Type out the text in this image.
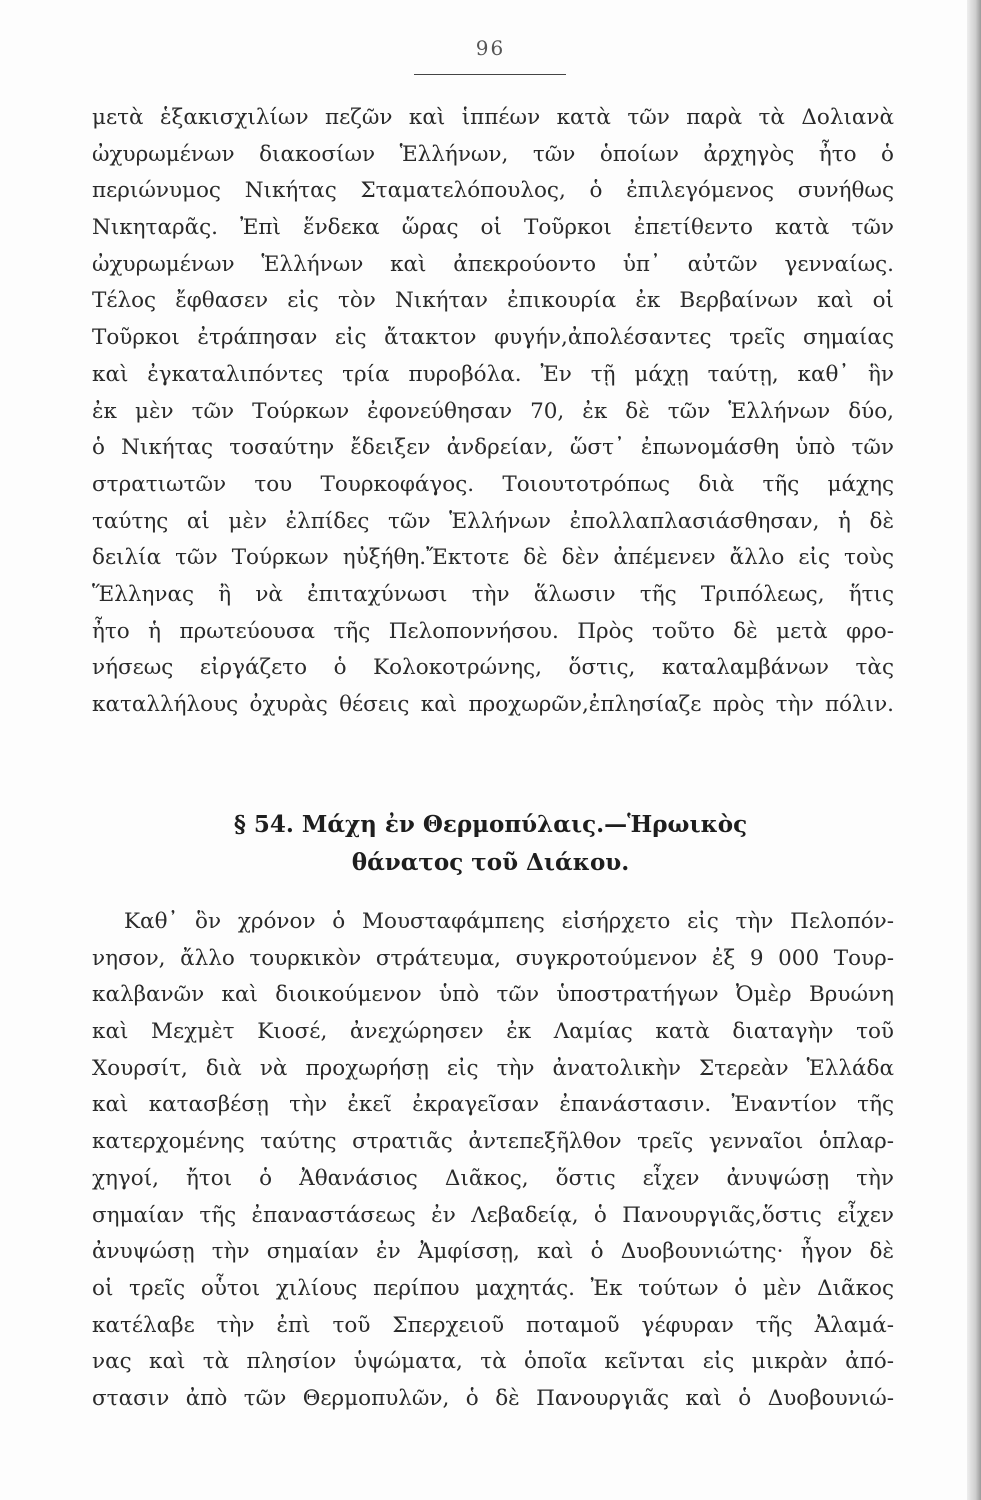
96
μετὰ ἑξακισχιλίων πεζῶν καὶ ἱππέων κατὰ τῶν παρὰ τὰ Δολιανὰ
ὠχυρωμένων διακοσίων Ἑλλήνων, τῶν ὁποίων ἀρχηγὸς ἦτο ὁ
περιώνυμος Νικήτας Σταματελόπουλος, ὁ ἐπιλεγόμενος συνήθως
Νικηταρᾶς. Ἐπὶ ἕνδεκα ὥρας οἱ Τοῦρκοι ἐπετίθεντο κατὰ τῶν
ὠχυρωμένων Ἑλλήνων καὶ ἀπεκρούοντο ὑπ᾽ αὐτῶν γενναίως.
Τέλος ἔφθασεν εἰς τὸν Νικήταν ἐπικουρία ἐκ Βερβαίνων καὶ οἱ
Τοῦρκοι ἐτράπησαν εἰς ἄτακτον φυγήν,ἀπολέσαντες τρεῖς σημαίας
καὶ ἐγκαταλιπόντες τρία πυροβόλα. Ἐν τῇ μάχῃ ταύτῃ, καθ᾽ ἣν
ἐκ μὲν τῶν Τούρκων ἐφονεύθησαν 70, ἐκ δὲ τῶν Ἑλλήνων δύο,
ὁ Νικήτας τοσαύτην ἔδειξεν ἀνδρείαν, ὥστ᾽ ἐπωνομάσθη ὑπὸ τῶν
στρατιωτῶν του Τουρκοφάγος. Τοιουτοτρόπως διὰ τῆς μάχης
ταύτης αἱ μὲν ἐλπίδες τῶν Ἑλλήνων ἐπολλαπλασιάσθησαν, ἡ δὲ
δειλία τῶν Τούρκων ηὐξήθη.Ἔκτοτε δὲ δὲν ἀπέμενεν ἄλλο εἰς τοὺς
Ἕλληνας ἢ νὰ ἐπιταχύνωσι τὴν ἅλωσιν τῆς Τριπόλεως, ἥτις
ἦτο ἡ πρωτεύουσα τῆς Πελοποννήσου. Πρὸς τοῦτο δὲ μετὰ φρο-
νήσεως εἰργάζετο ὁ Κολοκοτρώνης, ὅστις, καταλαμβάνων τὰς
καταλλήλους ὀχυρὰς θέσεις καὶ προχωρῶν,ἐπλησίαζε πρὸς τὴν πόλιν.
§ 54. Μάχη ἐν Θερμοπύλαις.—Ἡρωικὸς
θάνατος τοῦ Διάκου.
Καθ᾽ ὃν χρόνον ὁ Μουσταφάμπεης εἰσήρχετο εἰς τὴν Πελοπόν-
νησον, ἄλλο τουρκικὸν στράτευμα, συγκροτούμενον ἐξ 9 000 Τουρ-
καλβανῶν καὶ διοικούμενον ὑπὸ τῶν ὑποστρατήγων Ὀμὲρ Βρυώνη
καὶ Μεχμὲτ Κιοσέ, ἀνεχώρησεν ἐκ Λαμίας κατὰ διαταγὴν τοῦ
Χουρσίτ, διὰ νὰ προχωρήσῃ εἰς τὴν ἀνατολικὴν Στερεὰν Ἑλλάδα
καὶ κατασβέσῃ τὴν ἐκεῖ ἐκραγεῖσαν ἐπανάστασιν. Ἐναντίον τῆς
κατερχομένης ταύτης στρατιᾶς ἀντεπεξῆλθον τρεῖς γενναῖοι ὁπλαρ-
χηγοί, ἤτοι ὁ Ἀθανάσιος Διᾶκος, ὅστις εἶχεν ἀνυψώσῃ τὴν
σημαίαν τῆς ἐπαναστάσεως ἐν Λεβαδείᾳ, ὁ Πανουργιᾶς,ὅστις εἶχεν
ἀνυψώσῃ τὴν σημαίαν ἐν Ἀμφίσσῃ, καὶ ὁ Δυοβουνιώτης· ἦγον δὲ
οἱ τρεῖς οὗτοι χιλίους περίπου μαχητάς. Ἐκ τούτων ὁ μὲν Διᾶκος
κατέλαβε τὴν ἐπὶ τοῦ Σπερχειοῦ ποταμοῦ γέφυραν τῆς Ἀλαμά-
νας καὶ τὰ πλησίον ὑψώματα, τὰ ὁποῖα κεῖνται εἰς μικρὰν ἀπό-
στασιν ἀπὸ τῶν Θερμοπυλῶν, ὁ δὲ Πανουργιᾶς καὶ ὁ Δυοβουνιώ-
